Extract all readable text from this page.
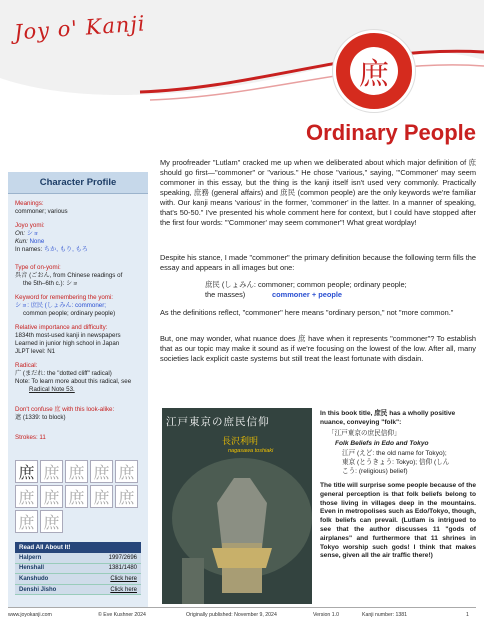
Joy o' Kanji
庶
Ordinary People
Character Profile
Meanings:
commoner; various
Joyo yomi:
On: ショ
Kun: None
In names: ちか, もり, もろ
Type of on-yomi:
呉音 (ごおん, from Chinese readings of
the 5th–6th c.): ショ
Keyword for remembering the yomi:
ショ: 庶民 (しょみん: commoner;
common people; ordinary people)
Relative importance and difficulty:
1834th most-used kanji in newspapers
Learned in junior high school in Japan
JLPT level: N1
Radical:
广 (まだれ: the "dotted cliff" radical)
Note: To learn more about this radical, see
Radical Note 53.
Don't confuse 庶 with this look-alike:
遮 (1339: to block)
Strokes: 11
庶 庶 庶 庶 庶
庶 庶 庶 庶 庶
庶 庶
Read All About It!
Halpern	1997/2696
Henshall	1381/1480
Kanshudo	Click here
Denshi Jisho	Click here
My proofreader "Lutlam" cracked me up when we deliberated about which major definition of 庶 should go first—"commoner" or "various." He chose "various," saying, "'Commoner' may seem commoner in this essay, but the thing is the kanji itself isn't used very commonly. Practically speaking, 庶務 (general affairs) and 庶民 (common people) are the only keywords we're familiar with. Our kanji means 'various' in the former, 'commoner' in the latter. In a manner of speaking, that's 50-50." I've presented his whole comment here for context, but I could have stopped after the first four words: "'Commoner' may seem commoner"! What great wordplay!
Despite his stance, I made "commoner" the primary definition because the following term fills the essay and appears in all images but one:
庶民 (しょみん: commoner; common people; ordinary people;
the masses)	commoner + people
As the definitions reflect, "commoner" here means "ordinary person," not "more common."
But, one may wonder, what nuance does 庶 have when it represents "commoner"? To establish that as our topic may make it sound as if we're focusing on the lowest of the low. After all, many societies lack explicit caste systems but still treat the least fortunate with disdain.
江戸東京の庶民信仰
長沢利明
nagasawa toshiaki
In this book title, 庶民 has a wholly positive nuance, conveying "folk":
「江戸東京の庶民信仰」
Folk Beliefs in Edo and Tokyo
江戸 (えど: the old name for Tokyo); 東京 (とうきょう: Tokyo); 信仰 (しんこう: (religious) belief)
The title will surprise some people because of the general perception is that folk beliefs belong to those living in villages deep in the mountains. Even in metropolises such as Edo/Tokyo, though, folk beliefs can prevail. (Lutlam is intrigued to see that the author discusses 11 "gods of airplanes" and furthermore that 11 shrines in Tokyo worship such gods! I think that makes sense, given all the air traffic there!)
www.joyokanji.com	© Eve Kushner 2024	Originally published: November 9, 2024	Version 1.0	Kanji number: 1381	1
